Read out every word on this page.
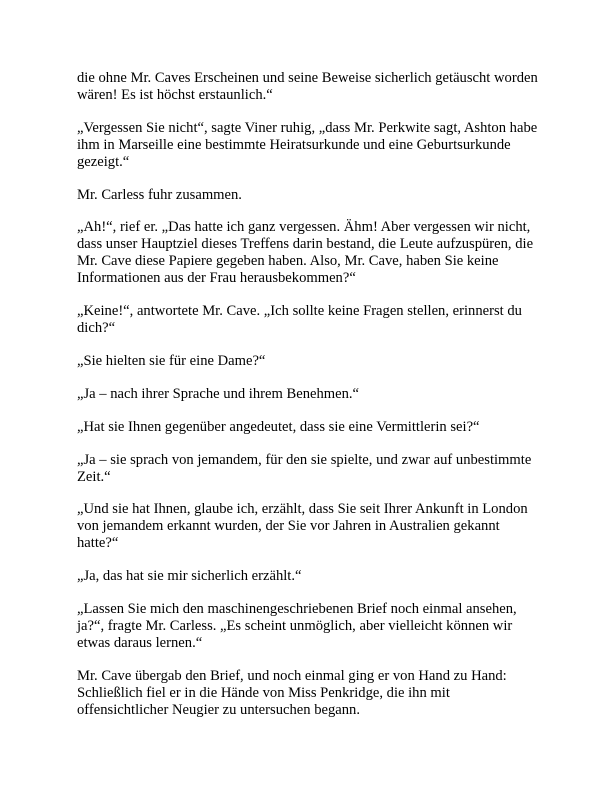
die ohne Mr. Caves Erscheinen und seine Beweise sicherlich getäuscht worden wären! Es ist höchst erstaunlich.“

„Vergessen Sie nicht“, sagte Viner ruhig, „dass Mr. Perkwite sagt, Ashton habe ihm in Marseille eine bestimmte Heiratsurkunde und eine Geburtsurkunde gezeigt.“

Mr. Carless fuhr zusammen.

„Ah!“, rief er. „Das hatte ich ganz vergessen. Ähm! Aber vergessen wir nicht, dass unser Hauptziel dieses Treffens darin bestand, die Leute aufzuspüren, die Mr. Cave diese Papiere gegeben haben. Also, Mr. Cave, haben Sie keine Informationen aus der Frau herausbekommen?“

„Keine!“, antwortete Mr. Cave. „Ich sollte keine Fragen stellen, erinnerst du dich?“

„Sie hielten sie für eine Dame?“

„Ja – nach ihrer Sprache und ihrem Benehmen.“

„Hat sie Ihnen gegenüber angedeutet, dass sie eine Vermittlerin sei?“

„Ja – sie sprach von jemandem, für den sie spielte, und zwar auf unbestimmte Zeit.“

„Und sie hat Ihnen, glaube ich, erzählt, dass Sie seit Ihrer Ankunft in London von jemandem erkannt wurden, der Sie vor Jahren in Australien gekannt hatte?“

„Ja, das hat sie mir sicherlich erzählt.“

„Lassen Sie mich den maschinengeschriebenen Brief noch einmal ansehen, ja?“, fragte Mr. Carless. „Es scheint unmöglich, aber vielleicht können wir etwas daraus lernen.“

Mr. Cave übergab den Brief, und noch einmal ging er von Hand zu Hand: Schließlich fiel er in die Hände von Miss Penkridge, die ihn mit offensichtlicher Neugier zu untersuchen begann.
